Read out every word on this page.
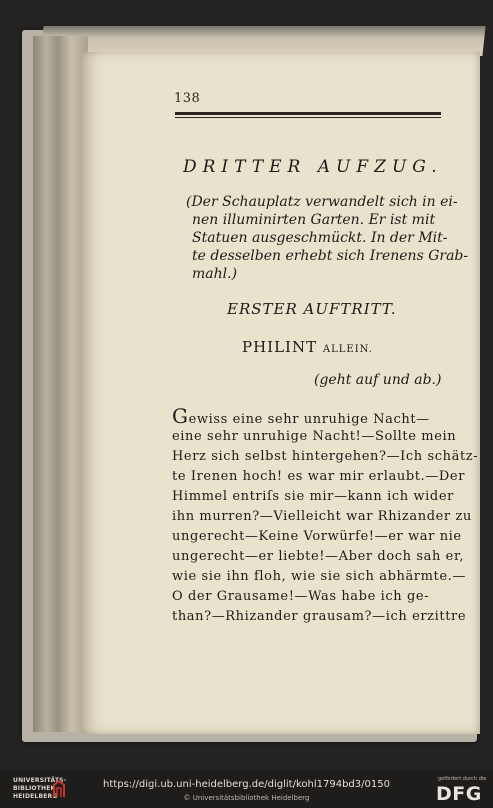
138
DRITTER AUFZUG.
(Der Schauplatz verwandelt sich in ei-
nen illuminirten Garten. Er ist mit
Statuen ausgeschmückt. In der Mit-
te desselben erhebt sich Irenens Grab-
mahl.)
ERSTER AUFTRITT.
PHILINT ALLEIN.
(geht auf und ab.)
Gewiss eine sehr unruhige Nacht—
eine sehr unruhige Nacht!—Sollte mein
Herz sich selbst hintergehen?—Ich schätz-
te Irenen hoch! es war mir erlaubt.—Der
Himmel entriſs sie mir—kann ich wider
ihn murren?—Vielleicht war Rhizander zu
ungerecht—Keine Vorwürfe!—er war nie
ungerecht—er liebte!—Aber doch sah er,
wie sie ihn floh, wie sie sich abhärmte.—
O der Grausame!—Was habe ich ge-
than?—Rhizander grausam?—ich erzittre
UNIVERSITÄTS-
BIBLIOTHEK
HEIDELBERG
https://digi.ub.uni-heidelberg.de/diglit/kohl1794bd3/0150
© Universitätsbibliothek Heidelberg
gefördert durch die
DFG
